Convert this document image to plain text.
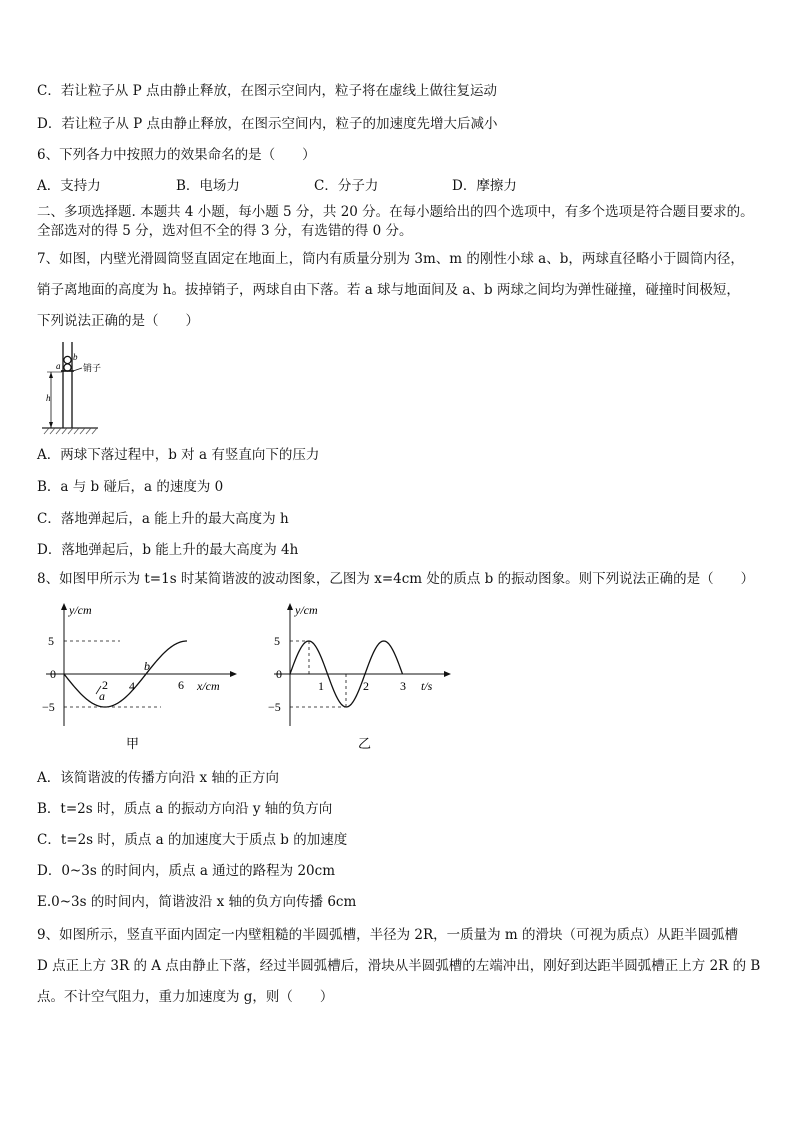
C．若让粒子从 P 点由静止释放，在图示空间内，粒子将在虚线上做往复运动
D．若让粒子从 P 点由静止释放，在图示空间内，粒子的加速度先增大后减小
6、下列各力中按照力的效果命名的是（　　）
A．支持力	B．电场力	C．分子力	D．摩擦力
二、多项选择题. 本题共 4 小题，每小题 5 分，共 20 分。在每小题给出的四个选项中，有多个选项是符合题目要求的。
全部选对的得 5 分，选对但不全的得 3 分，有选错的得 0 分。
7、如图，内壁光滑圆筒竖直固定在地面上，筒内有质量分别为 3m、m 的刚性小球 a、b，两球直径略小于圆筒内径，
销子离地面的高度为 h。拔掉销子，两球自由下落。若 a 球与地面间及 a、b 两球之间均为弹性碰撞，碰撞时间极短，
下列说法正确的是（　　）
b
a	销子
h
A．两球下落过程中，b 对 a 有竖直向下的压力
B．a 与 b 碰后，a 的速度为 0
C．落地弹起后，a 能上升的最大高度为 h
D．落地弹起后，b 能上升的最大高度为 4h
8、如图甲所示为 t=1s 时某简谐波的波动图象，乙图为 x=4cm 处的质点 b 的振动图象。则下列说法正确的是（　　）
5
0
−5
2 4	6
b
a
y/cm
x/cm
甲
5
0
−5
1	2	3
y/cm
t/s
乙
A．该简谐波的传播方向沿 x 轴的正方向
B．t=2s 时，质点 a 的振动方向沿 y 轴的负方向
C．t=2s 时，质点 a 的加速度大于质点 b 的加速度
D．0~3s 的时间内，质点 a 通过的路程为 20cm
E.0~3s 的时间内，简谐波沿 x 轴的负方向传播 6cm
9、如图所示，竖直平面内固定一内壁粗糙的半圆弧槽，半径为 2R，一质量为 m 的滑块（可视为质点）从距半圆弧槽
D 点正上方 3R 的 A 点由静止下落，经过半圆弧槽后，滑块从半圆弧槽的左端冲出，刚好到达距半圆弧槽正上方 2R 的 B
点。不计空气阻力，重力加速度为 g，则（　　）
